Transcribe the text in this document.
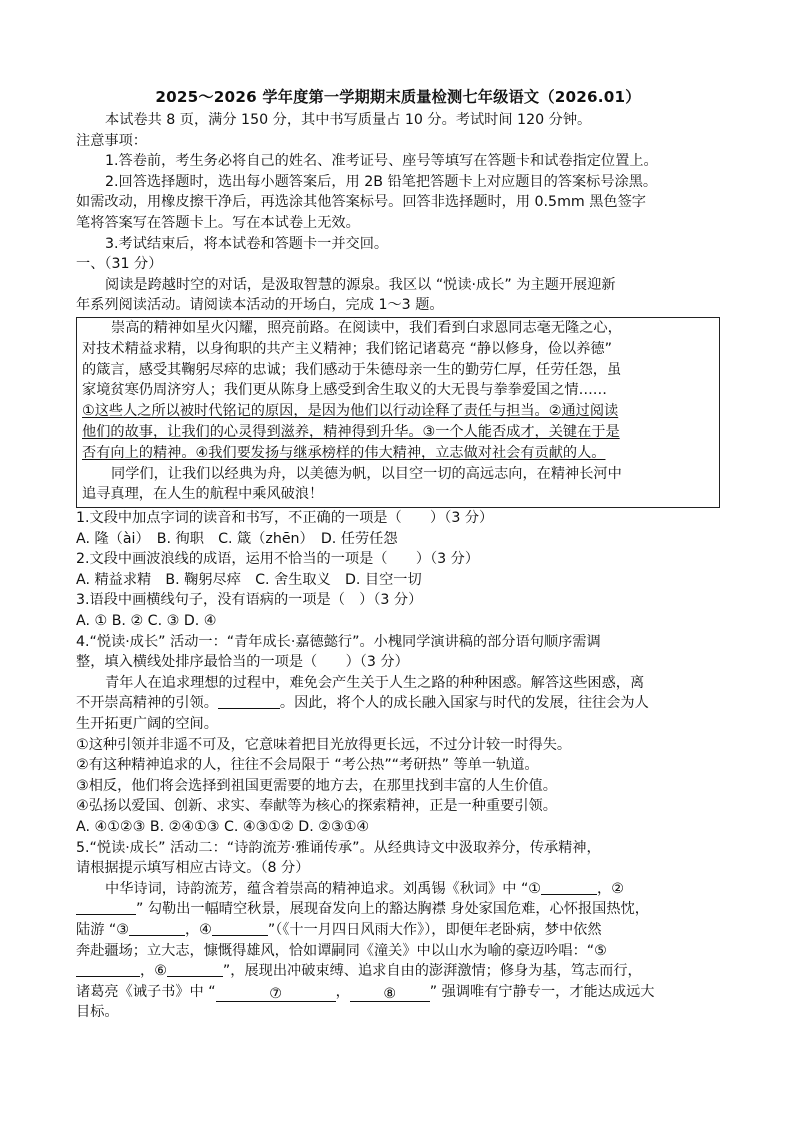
2025～2026 学年度第一学期期末质量检测七年级语文（2026.01）
本试卷共 8 页，满分 150 分，其中书写质量占 10 分。考试时间 120 分钟。
注意事项：
1.答卷前，考生务必将自己的姓名、准考证号、座号等填写在答题卡和试卷指定位置上。
2.回答选择题时，选出每小题答案后，用 2B 铅笔把答题卡上对应题目的答案标号涂黑。
如需改动，用橡皮擦干净后，再选涂其他答案标号。回答非选择题时，用 0.5mm 黑色签字
笔将答案写在答题卡上。写在本试卷上无效。
3.考试结束后，将本试卷和答题卡一并交回。
一、（31 分）
阅读是跨越时空的对话，是汲取智慧的源泉。我区以 “悦读·成长” 为主题开展迎新
年系列阅读活动。请阅读本活动的开场白，完成 1～3 题。
崇高的精神如星火闪耀，照亮前路。在阅读中，我们看到白求恩同志毫无隆之心，
对技术精益求精，以身徇职的共产主义精神；我们铭记诸葛亮 “静以修身，俭以养德”
的箴言，感受其鞠躬尽瘁的忠诚；我们感动于朱德母亲一生的勤劳仁厚，任劳任怨，虽
家境贫寒仍周济穷人；我们更从陈身上感受到舍生取义的大无畏与拳拳爱国之情……
①这些人之所以被时代铭记的原因，是因为他们以行动诠释了责任与担当。②通过阅读
他们的故事，让我们的心灵得到滋养，精神得到升华。③一个人能否成才，关键在于是
否有向上的精神。④我们要发扬与继承榜样的伟大精神，立志做对社会有贡献的人。
同学们，让我们以经典为舟，以美德为帆，以目空一切的高远志向，在精神长河中
追寻真理，在人生的航程中乘风破浪！
1.文段中加点字词的读音和书写，不正确的一项是（　　）（3 分）
A. 隆（ài）　B. 徇职　C. 箴（zhēn）　D. 任劳任怨
2.文段中画波浪线的成语，运用不恰当的一项是（　　）（3 分）
A. 精益求精　B. 鞠躬尽瘁　C. 舍生取义　D. 目空一切
3.语段中画横线句子，没有语病的一项是（　）（3 分）
A. ① B. ② C. ③ D. ④
4.“悦读·成长” 活动一：“青年成长·嘉德懿行”。小槐同学演讲稿的部分语句顺序需调
整，填入横线处排序最恰当的一项是（　　）（3 分）
青年人在追求理想的过程中，难免会产生关于人生之路的种种困惑。解答这些困惑，离
不开崇高精神的引领。	。因此，将个人的成长融入国家与时代的发展，往往会为人
生开拓更广阔的空间。
①这种引领并非遥不可及，它意味着把目光放得更长远，不过分计较一时得失。
②有这种精神追求的人，往往不会局限于 “考公热”“考研热” 等单一轨道。
③相反，他们将会选择到祖国更需要的地方去，在那里找到丰富的人生价值。
④弘扬以爱国、创新、求实、奉献等为核心的探索精神，正是一种重要引领。
A. ④①②③ B. ②④①③ C. ④③①② D. ②③①④
5.“悦读·成长” 活动二：“诗韵流芳·雅诵传承”。从经典诗文中汲取养分，传承精神，
请根据提示填写相应古诗文。（8 分）
中华诗词，诗韵流芳，蕴含着崇高的精神追求。刘禹锡《秋词》中 “①	，②
” 勾勒出一幅晴空秋景，展现奋发向上的豁达胸襟 身处家国危难，心怀报国热忱，
陆游 “③	，④	”（《十一月四日风雨大作》），即便年老卧病，梦中依然
奔赴疆场；立大志，慷慨得雄风，恰如谭嗣同《潼关》中以山水为喻的豪迈吟唱：“⑤
，⑥	”，展现出冲破束缚、追求自由的澎湃激情；修身为基，笃志而行，
诸葛亮《诫子书》中 “	⑦	， ⑧ ” 强调唯有宁静专一，才能达成远大
目标。
